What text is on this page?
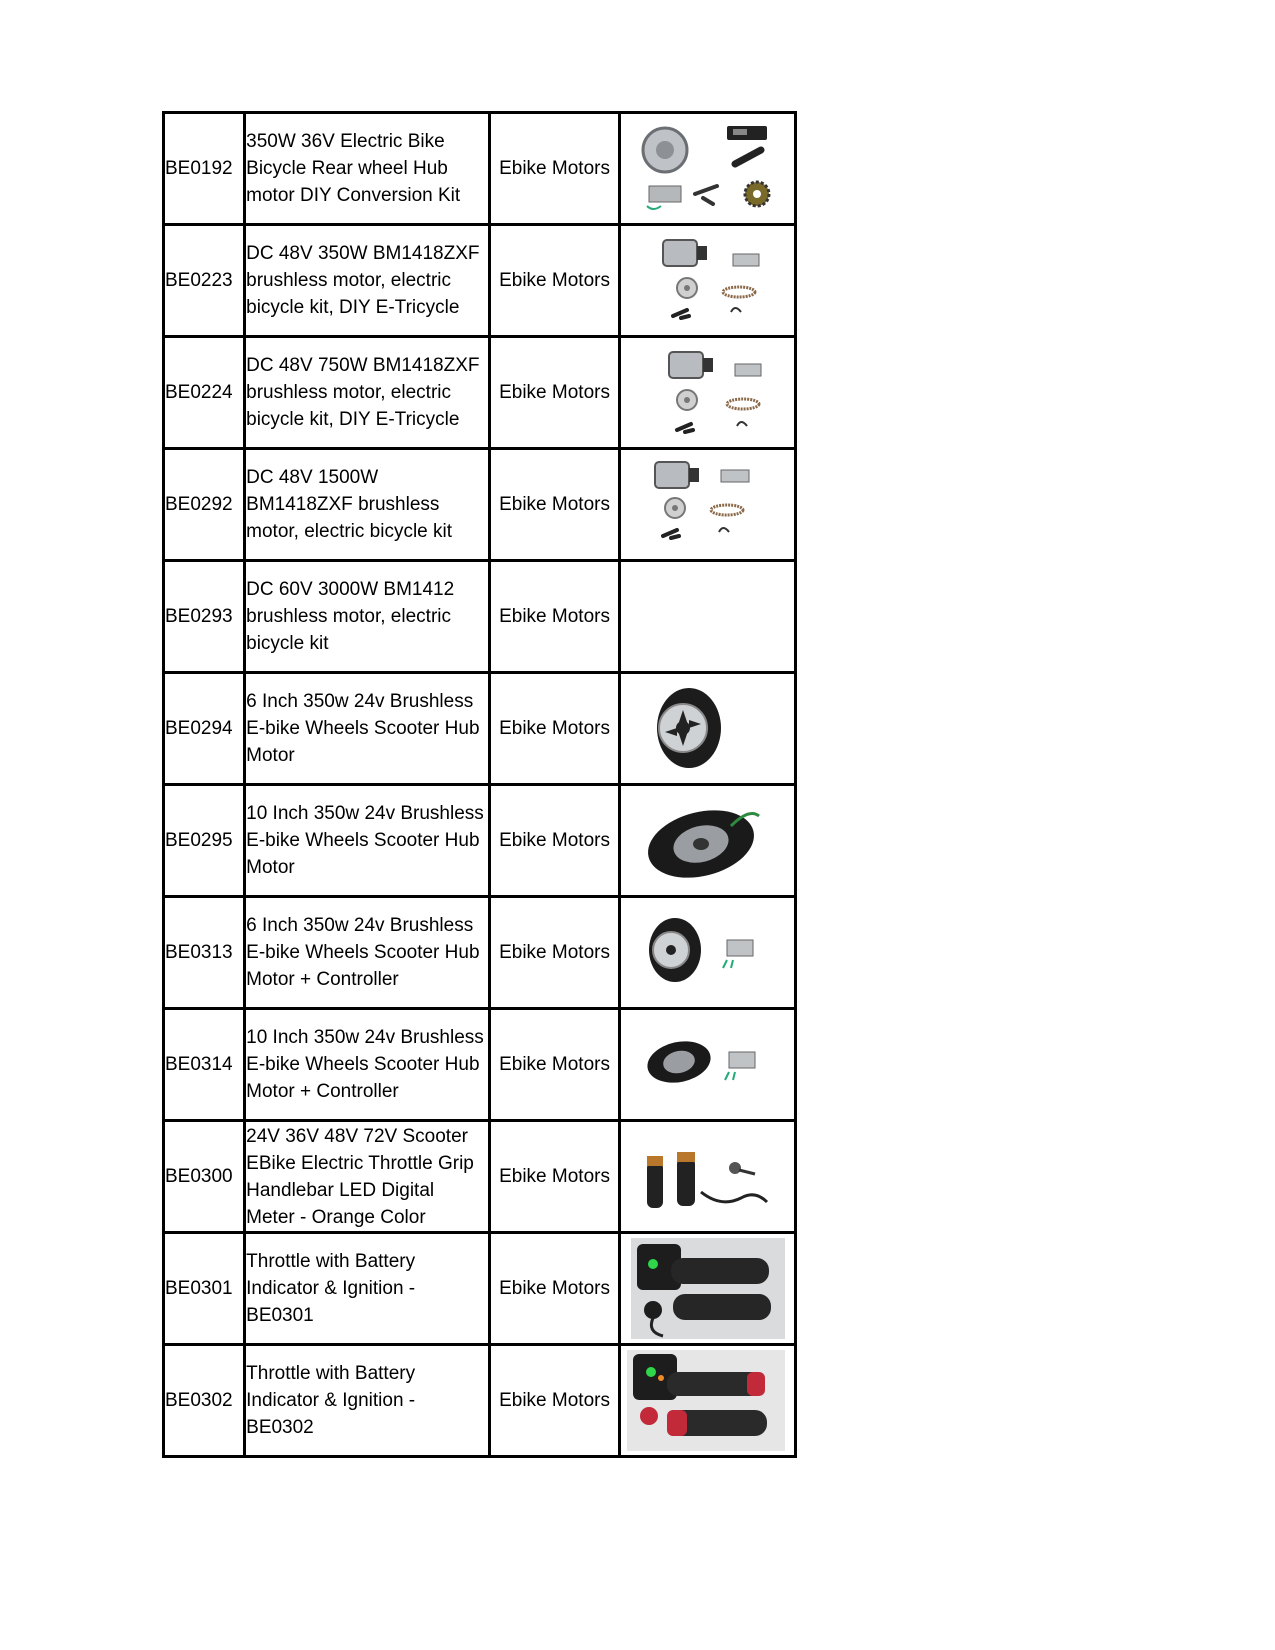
BE0192	350W 36V Electric Bike Bicycle Rear wheel Hub motor DIY Conversion Kit	Ebike Motors	

BE0223	DC 48V 350W BM1418ZXF brushless motor, electric bicycle kit, DIY E-Tricycle	Ebike Motors	

BE0224	DC 48V 750W BM1418ZXF brushless motor, electric bicycle kit, DIY E-Tricycle	Ebike Motors	

BE0292	DC 48V 1500W BM1418ZXF brushless motor, electric bicycle kit	Ebike Motors	

BE0293	DC 60V 3000W BM1412 brushless motor, electric bicycle kit	Ebike Motors	
BE0294	6 Inch 350w 24v Brushless E-bike Wheels Scooter Hub Motor	Ebike Motors	

BE0295	10 Inch 350w 24v Brushless E-bike Wheels Scooter Hub Motor	Ebike Motors	

BE0313	6 Inch 350w 24v Brushless E-bike Wheels Scooter Hub Motor + Controller	Ebike Motors	

BE0314	10 Inch 350w 24v Brushless E-bike Wheels Scooter Hub Motor + Controller	Ebike Motors	

BE0300	24V 36V 48V 72V Scooter EBike Electric Throttle Grip Handlebar LED Digital Meter - Orange Color	Ebike Motors	

BE0301	Throttle with Battery Indicator & Ignition - BE0301	Ebike Motors	

BE0302	Throttle with Battery Indicator & Ignition - BE0302	Ebike Motors	
